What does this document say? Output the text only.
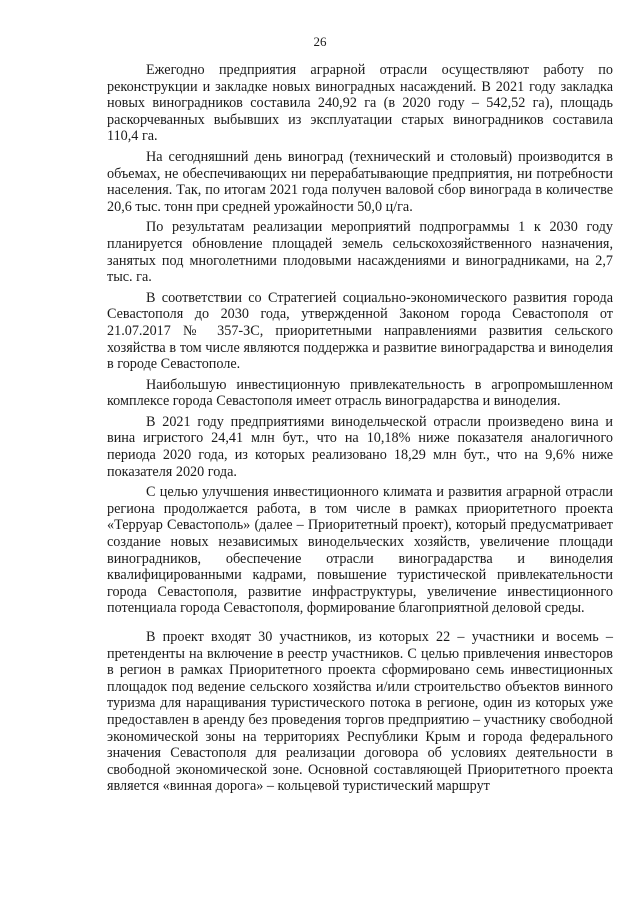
26

Ежегодно предприятия аграрной отрасли осуществляют работу по реконструкции и закладке новых виноградных насаждений. В 2021 году закладка новых виноградников составила 240,92 га (в 2020 году – 542,52 га), площадь раскорчеванных выбывших из эксплуатации старых виноградников составила 110,4 га.

На сегодняшний день виноград (технический и столовый) производится в объемах, не обеспечивающих ни перерабатывающие предприятия, ни потребности населения. Так, по итогам 2021 года получен валовой сбор винограда в количестве 20,6 тыс. тонн при средней урожайности 50,0 ц/га.

По результатам реализации мероприятий подпрограммы 1 к 2030 году планируется обновление площадей земель сельскохозяйственного назначения, занятых под многолетними плодовыми насаждениями и виноградниками, на 2,7 тыс. га.

В соответствии со Стратегией социально-экономического развития города Севастополя до 2030 года, утвержденной Законом города Севастополя от 21.07.2017 № 357-ЗС, приоритетными направлениями развития сельского хозяйства в том числе являются поддержка и развитие виноградарства и виноделия в городе Севастополе.

Наибольшую инвестиционную привлекательность в агропромышленном комплексе города Севастополя имеет отрасль виноградарства и виноделия.

В 2021 году предприятиями винодельческой отрасли произведено вина и вина игристого 24,41 млн бут., что на 10,18% ниже показателя аналогичного периода 2020 года, из которых реализовано 18,29 млн бут., что на 9,6% ниже показателя 2020 года.

С целью улучшения инвестиционного климата и развития аграрной отрасли региона продолжается работа, в том числе в рамках приоритетного проекта «Терруар Севастополь» (далее – Приоритетный проект), который предусматривает создание новых независимых винодельческих хозяйств, увеличение площади виноградников, обеспечение отрасли виноградарства и виноделия квалифицированными кадрами, повышение туристической привлекательности города Севастополя, развитие инфраструктуры, увеличение инвестиционного потенциала города Севастополя, формирование благоприятной деловой среды.

В проект входят 30 участников, из которых 22 – участники и восемь – претенденты на включение в реестр участников. С целью привлечения инвесторов в регион в рамках Приоритетного проекта сформировано семь инвестиционных площадок под ведение сельского хозяйства и/или строительство объектов винного туризма для наращивания туристического потока в регионе, один из которых уже предоставлен в аренду без проведения торгов предприятию – участнику свободной экономической зоны на территориях Республики Крым и города федерального значения Севастополя для реализации договора об условиях деятельности в свободной экономической зоне. Основной составляющей Приоритетного проекта является «винная дорога» – кольцевой туристический маршрут
